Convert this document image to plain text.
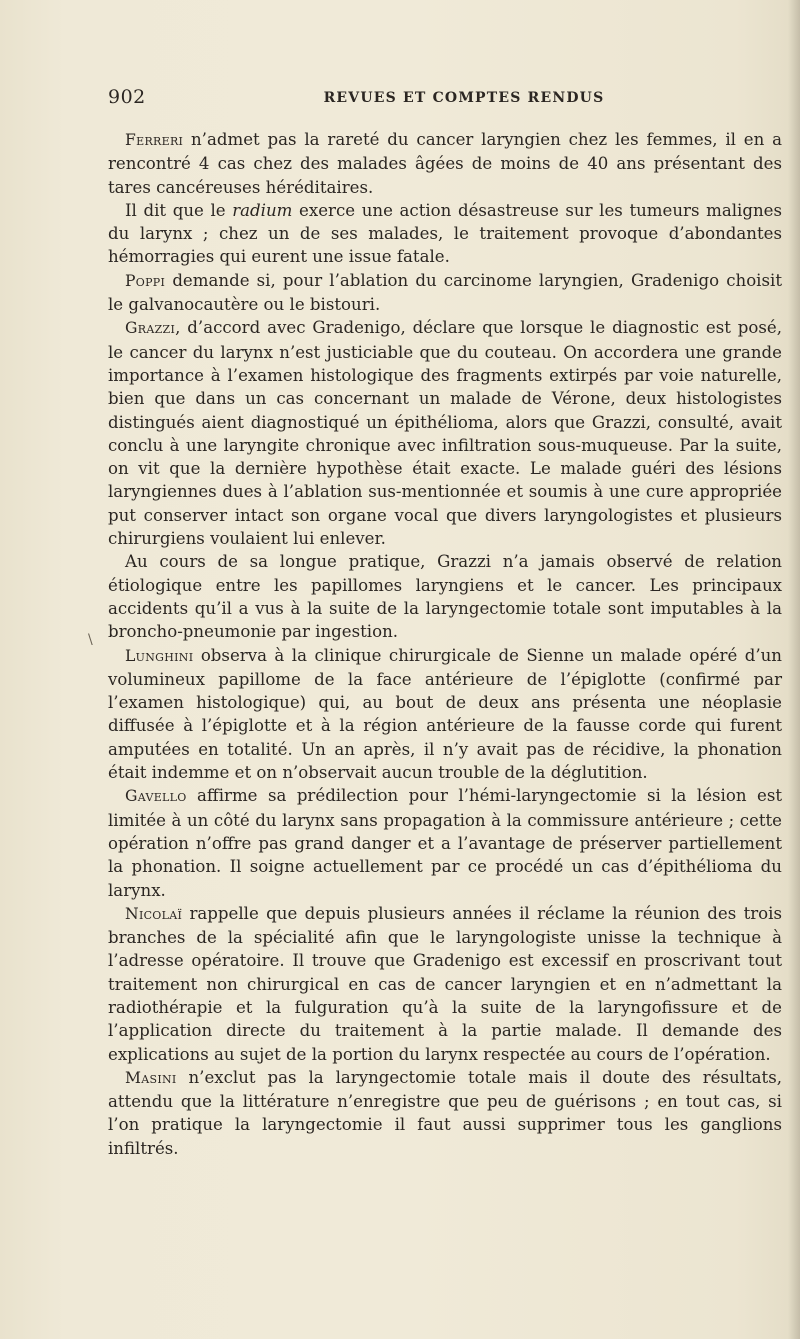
902	REVUES ET COMPTES RENDUS
\

Ferreri n’admet pas la rareté du cancer laryngien chez les femmes, il en a rencontré 4 cas chez des malades âgées de moins de 40 ans présentant des tares cancéreuses héréditaires.

Il dit que le radium exerce une action désastreuse sur les tumeurs malignes du larynx ; chez un de ses malades, le traitement provoque d’abondantes hémorragies qui eurent une issue fatale.

Poppi demande si, pour l’ablation du carcinome laryngien, Gradenigo choisit le galvanocautère ou le bistouri.

Grazzi, d’accord avec Gradenigo, déclare que lorsque le diagnostic est posé, le cancer du larynx n’est justiciable que du couteau. On accordera une grande importance à l’examen histologique des fragments extirpés par voie naturelle, bien que dans un cas concernant un malade de Vérone, deux histologistes distingués aient diagnostiqué un épithélioma, alors que Grazzi, consulté, avait conclu à une laryngite chronique avec infiltration sous-muqueuse. Par la suite, on vit que la dernière hypothèse était exacte. Le malade guéri des lésions laryngiennes dues à l’ablation sus-mentionnée et soumis à une cure appropriée put conserver intact son organe vocal que divers laryngologistes et plusieurs chirurgiens voulaient lui enlever.

Au cours de sa longue pratique, Grazzi n’a jamais observé de relation étiologique entre les papillomes laryngiens et le cancer. Les principaux accidents qu’il a vus à la suite de la laryngectomie totale sont imputables à la broncho-pneumonie par ingestion.

Lunghini observa à la clinique chirurgicale de Sienne un malade opéré d’un volumineux papillome de la face antérieure de l’épiglotte (confirmé par l’examen histologique) qui, au bout de deux ans présenta une néoplasie diffusée à l’épiglotte et à la région antérieure de la fausse corde qui furent amputées en totalité. Un an après, il n’y avait pas de récidive, la phonation était indemme et on n’observait aucun trouble de la déglutition.

Gavello affirme sa prédilection pour l’hémi-laryngectomie si la lésion est limitée à un côté du larynx sans propagation à la commissure antérieure ; cette opération n’offre pas grand danger et a l’avantage de préserver partiellement la phonation. Il soigne actuellement par ce procédé un cas d’épithélioma du larynx.

Nicolaï rappelle que depuis plusieurs années il réclame la réunion des trois branches de la spécialité afin que le laryngologiste unisse la technique à l’adresse opératoire. Il trouve que Gradenigo est excessif en proscrivant tout traitement non chirurgical en cas de cancer laryngien et en n’admettant la radiothérapie et la fulguration qu’à la suite de la laryngofissure et de l’application directe du traitement à la partie malade. Il demande des explications au sujet de la portion du larynx respectée au cours de l’opération.

Masini n’exclut pas la laryngectomie totale mais il doute des résultats, attendu que la littérature n’enregistre que peu de guérisons ; en tout cas, si l’on pratique la laryngectomie il faut aussi supprimer tous les ganglions infiltrés.
